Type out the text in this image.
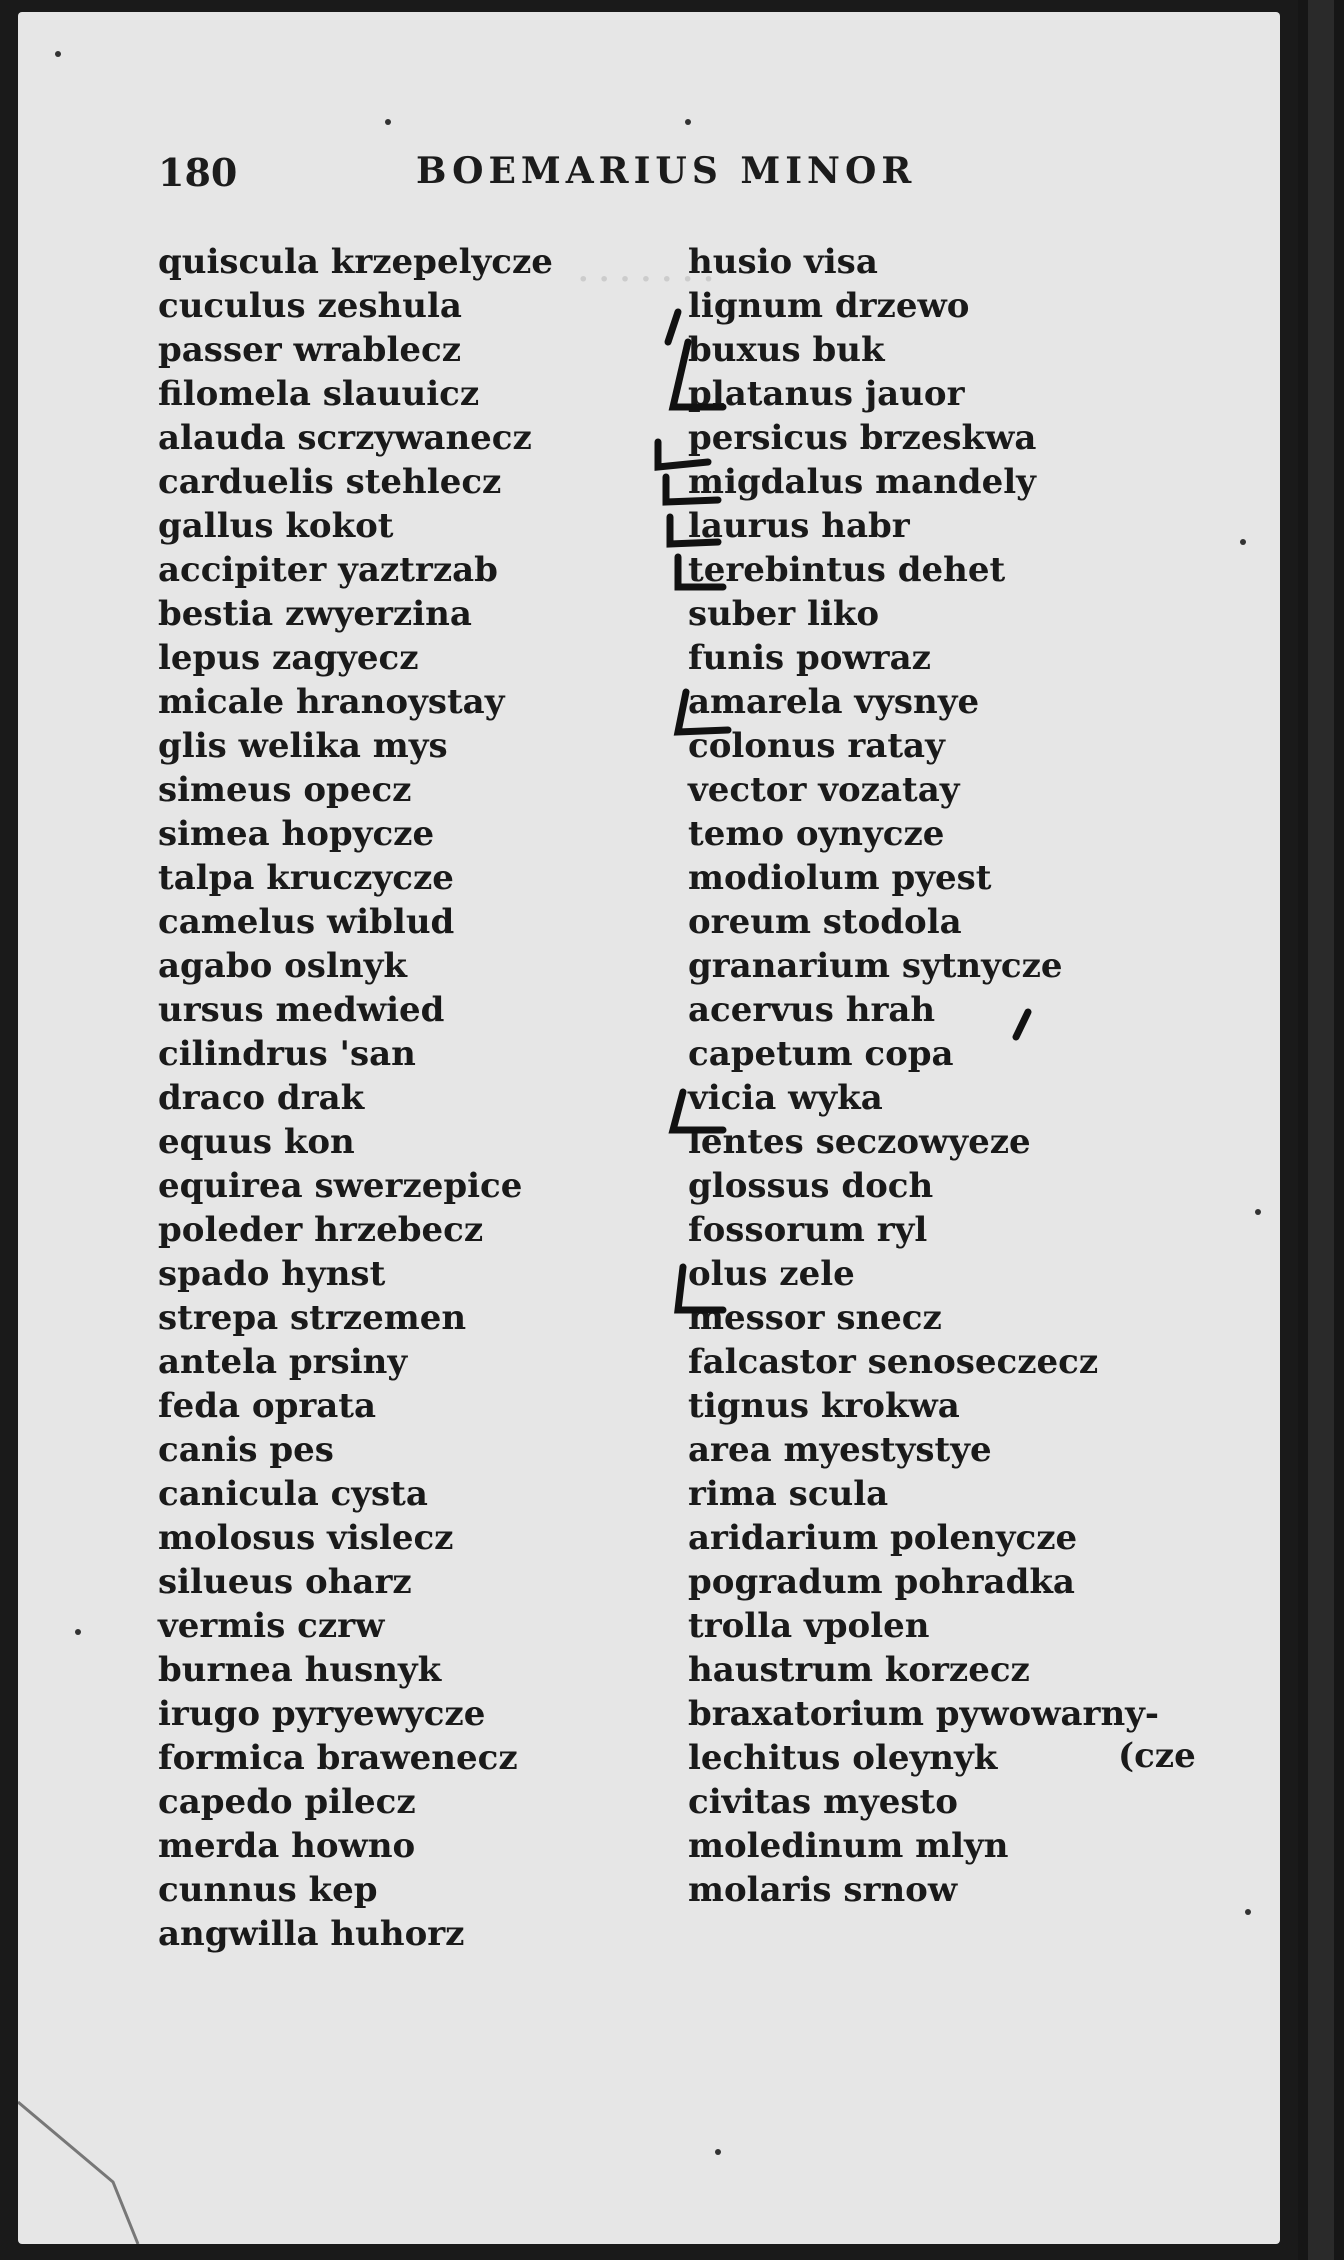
· · · · · · ·
180	BOEMARIUS MINOR
quiscula krzepelycze
cuculus zeshula
passer wrablecz
filomela slauuicz
alauda scrzywanecz
carduelis stehlecz
gallus kokot
accipiter yaztrzab
bestia zwyerzina
lepus zagyecz
micale hranoystay
glis welika mys
simeus opecz
simea hopycze
talpa kruczycze
camelus wiblud
agabo oslnyk
ursus medwied
cilindrus 'san
draco drak
equus kon
equirea swerzepice
poleder hrzebecz
spado hynst
strepa strzemen
antela prsiny
feda oprata
canis pes
canicula cysta
molosus vislecz
silueus oharz
vermis czrw
burnea husnyk
irugo pyryewycze
formica brawenecz
capedo pilecz
merda howno
cunnus kep
angwilla huhorz
husio visa
lignum drzewo
buxus buk
platanus jauor
persicus brzeskwa
migdalus mandely
laurus habr
terebintus dehet
suber liko
funis powraz
amarela vysnye
colonus ratay
vector vozatay
temo oynycze
modiolum pyest
oreum stodola
granarium sytnycze
acervus hrah
capetum copa
vicia wyka
lentes seczowyeze
glossus doch
fossorum ryl
olus zele
messor snecz
falcastor senoseczecz
tignus krokwa
area myestystye
rima scula
aridarium polenycze
pogradum pohradka
trolla vpolen
haustrum korzecz
braxatorium pywowarny-
lechitus oleynyk
civitas myesto
moledinum mlyn
molaris srnow
(cze
